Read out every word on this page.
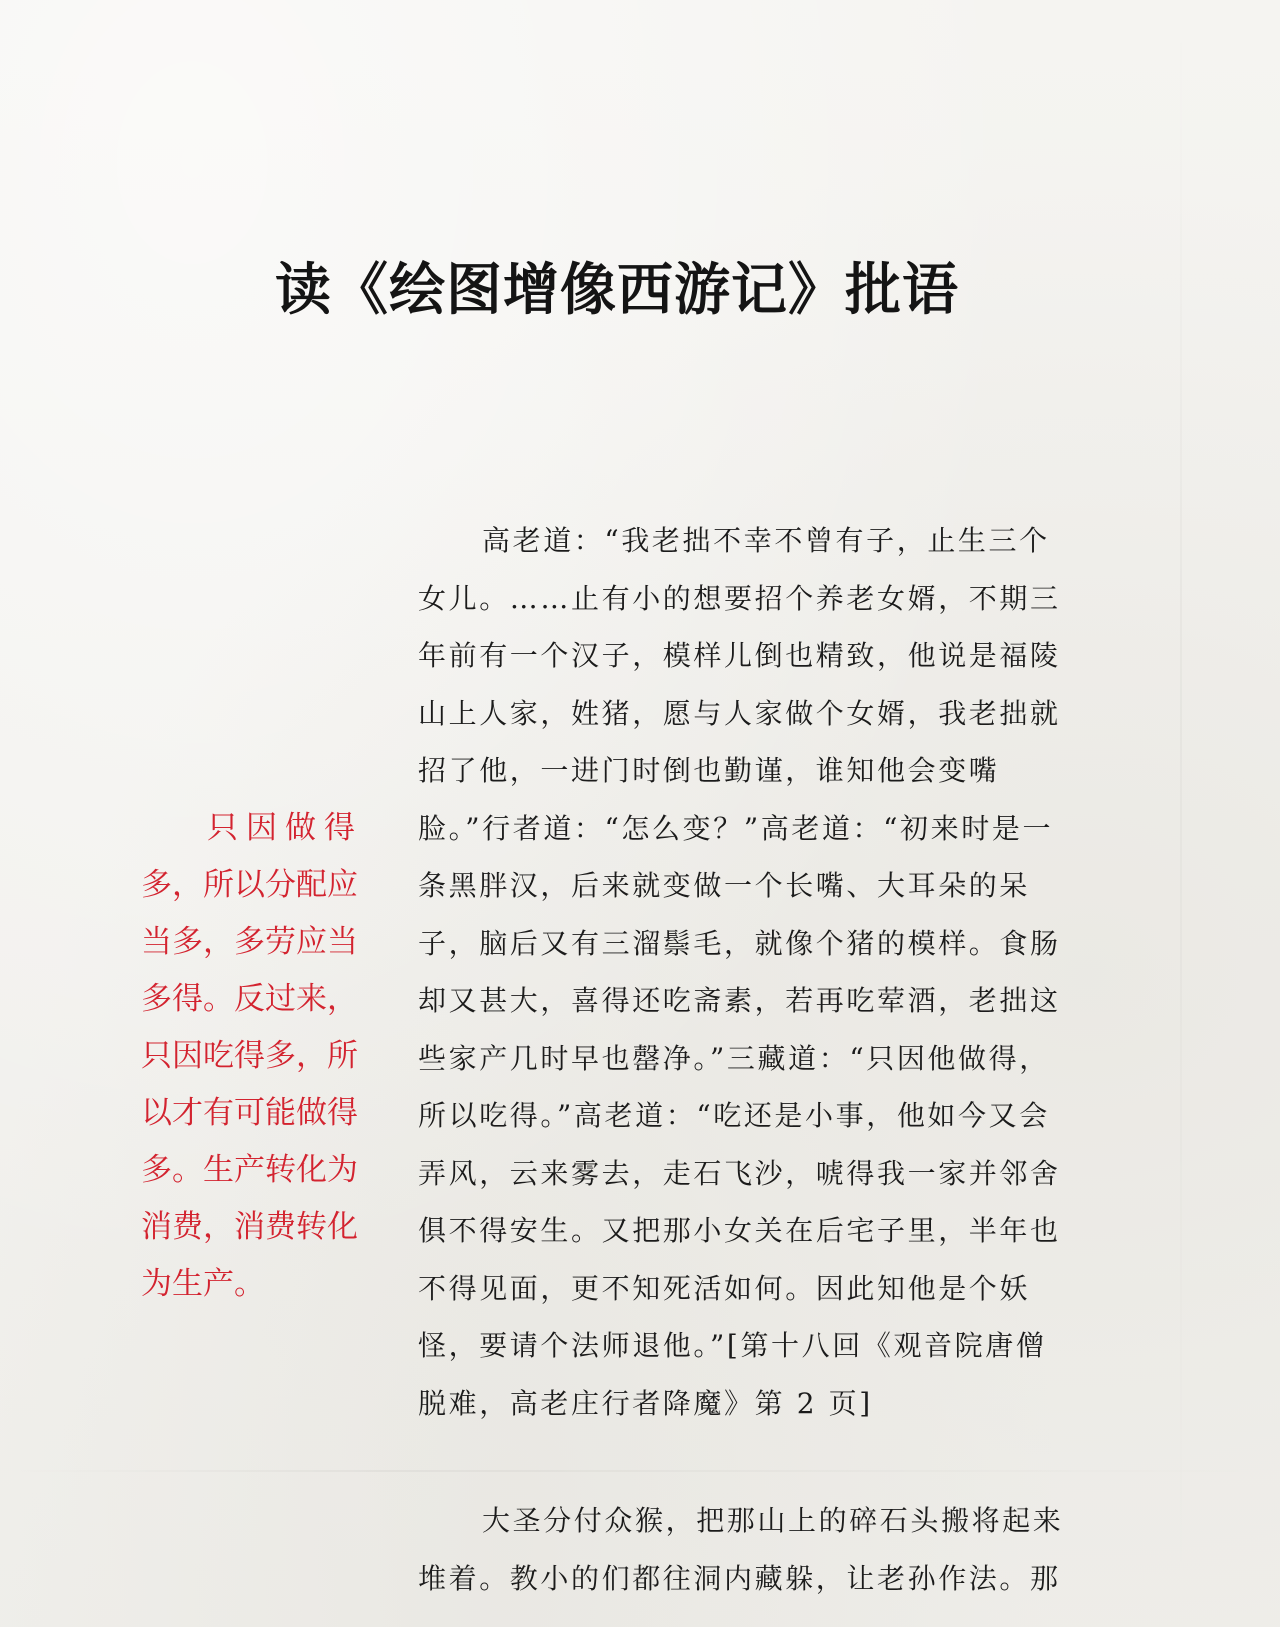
读《绘图增像西游记》批语
只因做得
多，所以分配应
当多，多劳应当
多得。反过来，
只因吃得多，所
以才有可能做得
多。生产转化为
消费，消费转化
为生产。
高老道：“我老拙不幸不曾有子，止生三个
女儿。……止有小的想要招个养老女婿，不期三
年前有一个汉子，模样儿倒也精致，他说是福陵
山上人家，姓猪，愿与人家做个女婿，我老拙就
招了他，一进门时倒也勤谨，谁知他会变嘴
脸。”行者道：“怎么变？”高老道：“初来时是一
条黑胖汉，后来就变做一个长嘴、大耳朵的呆
子，脑后又有三溜鬃毛，就像个猪的模样。食肠
却又甚大，喜得还吃斋素，若再吃荤酒，老拙这
些家产几时早也罄净。”三藏道：“只因他做得，
所以吃得。”高老道：“吃还是小事，他如今又会
弄风，云来雾去，走石飞沙，唬得我一家并邻舍
俱不得安生。又把那小女关在后宅子里，半年也
不得见面，更不知死活如何。因此知他是个妖
怪，要请个法师退他。”[第十八回《观音院唐僧
脱难，高老庄行者降魔》第 2 页]
大圣分付众猴，把那山上的碎石头搬将起来
堆着。教小的们都往洞内藏躲，让老孙作法。那
